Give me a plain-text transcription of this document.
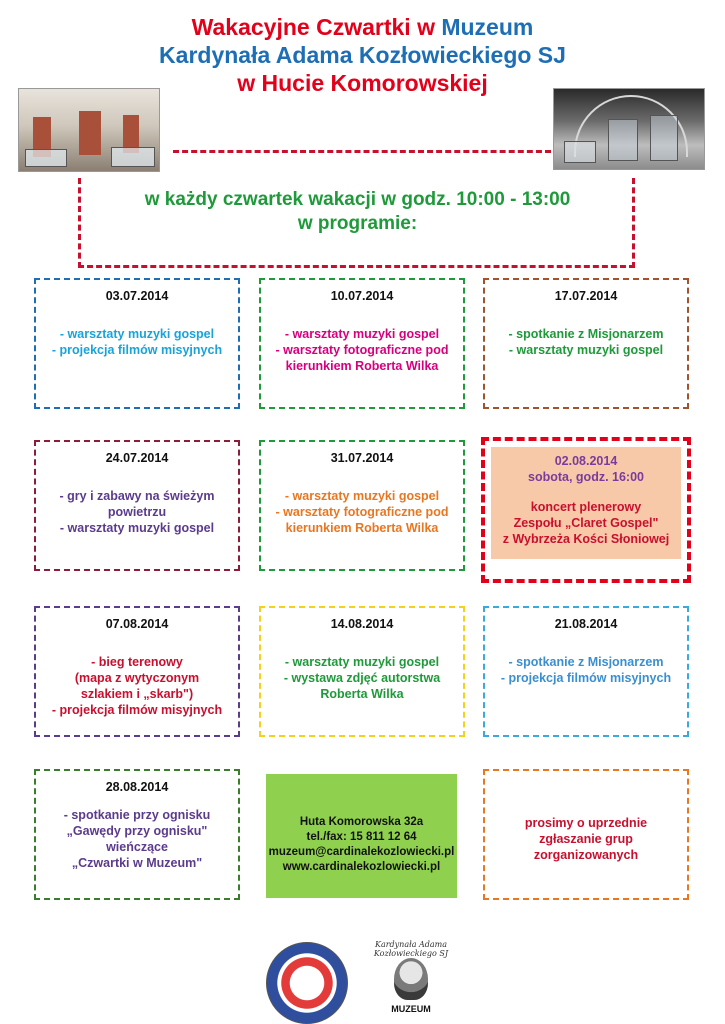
Wakacyjne Czwartki w Muzeum
Kardynała Adama Kozłowieckiego SJ
w Hucie Komorowskiej
w każdy czwartek wakacji w godz. 10:00 - 13:00
w programie:
03.07.2014
- warsztaty muzyki gospel
- projekcja filmów misyjnych
10.07.2014
- warsztaty muzyki gospel
- warsztaty fotograficzne pod
kierunkiem Roberta Wilka
17.07.2014
- spotkanie z Misjonarzem
- warsztaty muzyki gospel
24.07.2014
- gry i zabawy na świeżym
powietrzu
- warsztaty muzyki gospel
31.07.2014
- warsztaty muzyki gospel
- warsztaty fotograficzne pod
kierunkiem Roberta Wilka
02.08.2014
sobota, godz. 16:00
koncert plenerowy
Zespołu „Claret Gospel"
z Wybrzeża Kości Słoniowej
07.08.2014
- bieg terenowy
(mapa z wytyczonym
szlakiem i „skarb")
- projekcja filmów misyjnych
14.08.2014
- warsztaty muzyki gospel
- wystawa zdjęć autorstwa
Roberta Wilka
21.08.2014
- spotkanie z Misjonarzem
- projekcja filmów misyjnych
28.08.2014
- spotkanie przy ognisku
„Gawędy przy ognisku"
wieńczące
„Czwartki w Muzeum"
Huta Komorowska 32a
tel./fax: 15 811 12 64
muzeum@cardinalekozlowiecki.pl
www.cardinalekozlowiecki.pl
prosimy o uprzednie
zgłaszanie grup
zorganizowanych
Kardynała Adama Kozłowieckiego SJ
MUZEUM
